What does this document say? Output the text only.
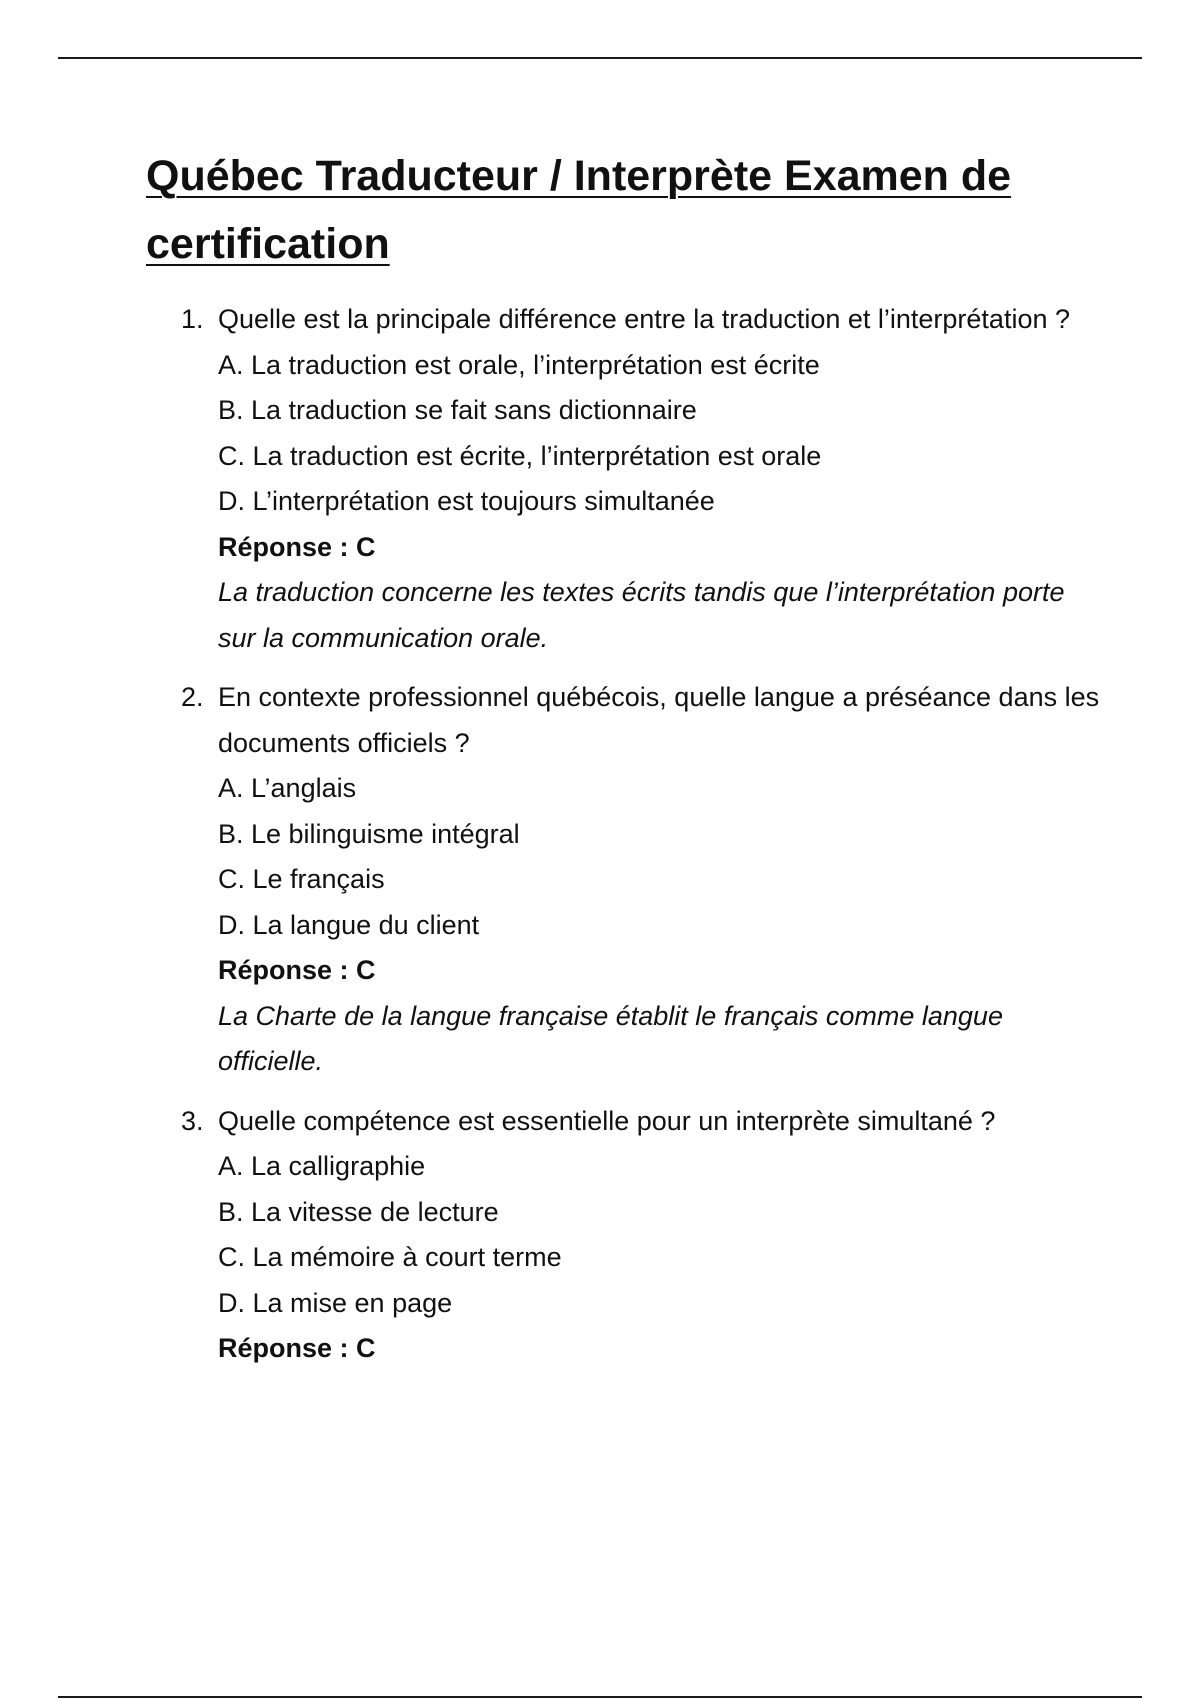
Québec Traducteur / Interprète Examen de certification
1. Quelle est la principale différence entre la traduction et l’interprétation ?

A. La traduction est orale, l’interprétation est écrite
B. La traduction se fait sans dictionnaire
C. La traduction est écrite, l’interprétation est orale
D. L’interprétation est toujours simultanée
Réponse : C
La traduction concerne les textes écrits tandis que l’interprétation porte sur la communication orale.
2. En contexte professionnel québécois, quelle langue a préséance dans les documents officiels ?

A. L’anglais
B. Le bilinguisme intégral
C. Le français
D. La langue du client
Réponse : C
La Charte de la langue française établit le français comme langue officielle.
3. Quelle compétence est essentielle pour un interprète simultané ?

A. La calligraphie
B. La vitesse de lecture
C. La mémoire à court terme
D. La mise en page
Réponse : C
